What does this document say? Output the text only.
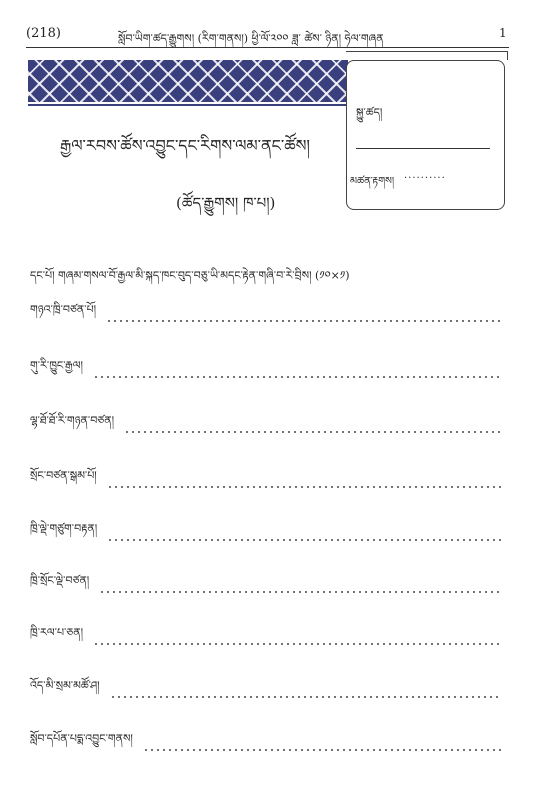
(218)	སློབ་ཡིག་ཚད་རྒྱུགས། (རིག་གནས།) ཕྱི་ལོ་༢༠༠ ཟླ་ ཚེས་ ཉིན། ཧེལ་གཞན	1
སྐྱུ་ཚད།
མཚན་རྟགས།
..........
རྒྱལ་རབས་ཚོས་འབྱུང་དང་རིགས་ལམ་ནང་ཚོས།
(ཚོད་རྒྱུགས། ཁ་པ།)
དང་པོ། གཞམ་གསལ་བོ་རྒྱལ་མི་སྐད་ཁང་བུད་བཅུ་ཡི་མདང་རྟེན་གཞི་བ་རེ་བྲིས། (༡༠×༡)
གཉའ་ཁྲི་བཙན་པོ།
གུ་རི་ཁྱུང་རྒྱལ།
ལྷ་ཐོ་ཐོ་རི་གཉན་བཙན།
སྲོང་བཙན་སྒམ་པོ།
ཁྲི་ལྡེ་གཙུག་བརྟན།
ཁྲི་སྲོང་ལྡེ་བཙན།
ཁྲི་རལ་པ་ཅན།
འོད་མི་སྲམ་མཚོ་ཤ།
སློབ་དཔོན་པདྨ་འབྱུང་གནས།
